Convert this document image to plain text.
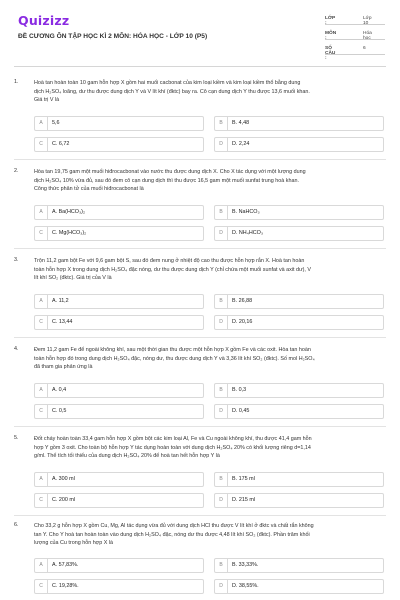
Quizizz
ĐỀ CƯƠNG ÔN TẬP HỌC KÌ 2 MÔN: HÓA HỌC - LỚP 10 (P5)
LỚP :
Lớp 10
MÔN :
Hóa học
SỐ CÂU :
6
1.	Hoà tan hoàn toàn 10 gam hỗn hợp X gồm hai muối cacbonat của kim loại kiềm và kim loại kiềm thổ bằng dung
dịch H₂SO₄ loãng, dư thu được dung dịch Y và V lít khí (đktc) bay ra. Cô cạn dung dịch Y thu được 13,6 muối khan.
Giá trị V là
A	5,6	B	B. 4,48
C	C. 6,72	D	D. 2,24
2.	Hòa tan 19,75 gam một muối hiđrocacbonat vào nước thu được dung dịch X. Cho X tác dụng với một lượng dung
dịch H₂SO₄ 10% vừa đủ, sau đó đem cô cạn dung dịch thì thu được 16,5 gam một muối sunfat trung hoà khan.
Công thức phân tử của muối hiđrocacbonat là
A	A. Ba(HCO₃)₂	B	B. NaHCO₃
C	C. Mg(HCO₃)₂	D	D. NH₄HCO₃
3.	Trộn 11,2 gam bột Fe với 9,6 gam bột S, sau đó đem nung ở nhiệt độ cao thu được hỗn hợp rắn X. Hoà tan hoàn
toàn hỗn hợp X trong dung dịch H₂SO₄ đặc nóng, dư thu được dung dịch Y (chỉ chứa một muối sunfat và axit dư), V
lít khí SO₂ (đktc). Giá trị của V là
A	A. 11,2	B	B. 26,88
C	C. 13,44	D	D. 20,16
4.	Đem 11,2 gam Fe để ngoài không khí, sau một thời gian thu được một hỗn hợp X gồm Fe và các oxit. Hòa tan hoàn
toàn hỗn hợp đó trong dung dịch H₂SO₄ đặc, nóng dư, thu được dung dịch Y và 3,36 lít khí SO₂ (đktc). Số mol H₂SO₄
đã tham gia phản ứng là
A	A. 0,4	B	B. 0,3
C	C. 0,5	D	D. 0,45
5.	Đốt cháy hoàn toàn 33,4 gam hỗn hợp X gồm bột các kim loại Al, Fe và Cu ngoài không khí, thu được 41,4 gam hỗn
hợp Y gồm 3 oxit. Cho toàn bộ hỗn hợp Y tác dụng hoàn toàn với dung dịch H₂SO₄ 20% có khối lượng riêng d=1,14
g/ml. Thể tích tối thiểu của dung dịch H₂SO₄ 20% để hoà tan hết hỗn hợp Y là
A	A. 300 ml	B	B. 175 ml
C	C. 200 ml	D	D. 215 ml
6.	Cho 33,2 g hỗn hợp X gồm Cu, Mg, Al tác dụng vừa đủ với dung dịch HCl thu được V lít khí ở đktc và chất rắn không
tan Y. Cho Y hoà tan hoàn toàn vào dung dịch H₂SO₄ đặc, nóng dư thu được 4,48 lít khí SO₂ (đktc). Phần trăm khối
lượng của Cu trong hỗn hợp X là
A	A. 57,83%.	B	B. 33,33%.
C	C. 19,28%.	D	D. 38,55%.
